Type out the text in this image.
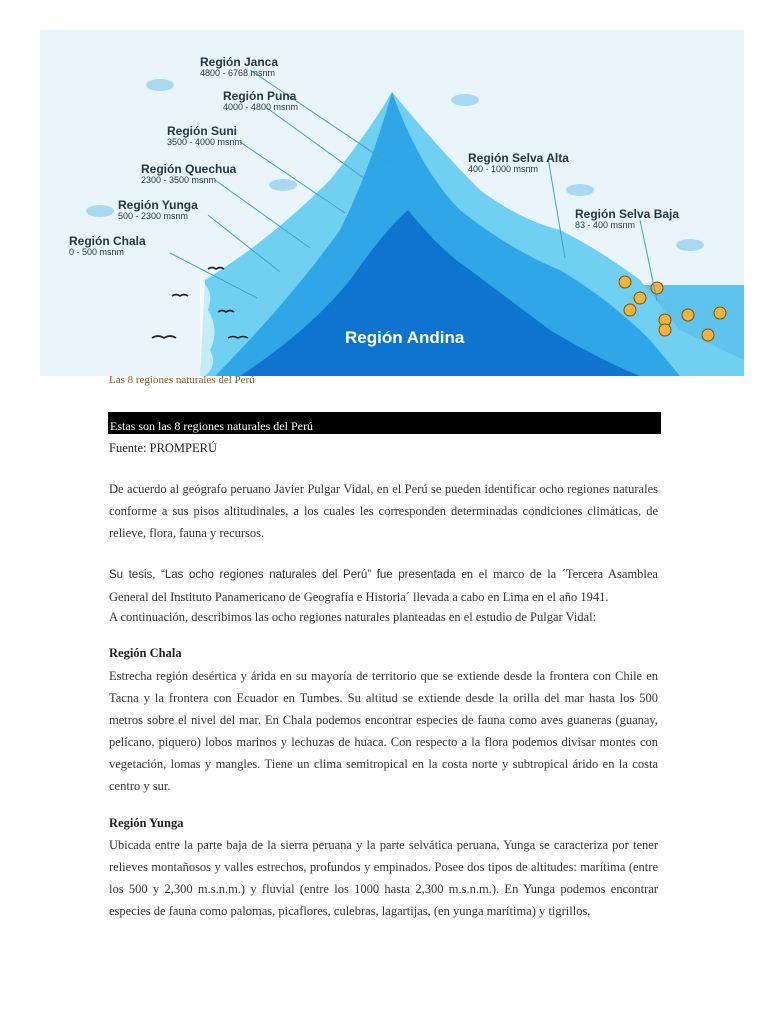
Región Janca
4800 - 6768 msnm
Región Puna
4000 - 4800 msnm
Región Suni
3500 - 4000 msnm
Región Quechua
2300 - 3500 msnm
Región Yunga
500 - 2300 msnm
Región Chala
0 - 500 msnm
Región Selva Alta
400 - 1000 msnm
Región Selva Baja
83 - 400 msnm
Región Andina
Las 8 regiones naturales del Perú
Estas son las 8 regiones naturales del Perú
Fuente: PROMPERÚ
De acuerdo al geógrafo peruano Javier Pulgar Vidal, en el Perú se pueden identificar ocho regiones naturales conforme a sus pisos altitudinales, a los cuales les corresponden determinadas condiciones climáticas, de relieve, flora, fauna y recursos.
Su tesis, “Las ocho regiones naturales del Perú” fue presentada en el marco de la ´Tercera Asamblea General del Instituto Panamericano de Geografía e Historia´ llevada a cabo en Lima en el año 1941.
A continuación, describimos las ocho regiones naturales planteadas en el estudio de Pulgar Vidal:
Región Chala
Estrecha región desértica y árida en su mayoría de territorio que se extiende desde la frontera con Chile en Tacna y la frontera con Ecuador en Tumbes. Su altitud se extiende desde la orilla del mar hasta los 500 metros sobre el nivel del mar. En Chala podemos encontrar especies de fauna como aves guaneras (guanay, pelícano, piquero) lobos marinos y lechuzas de huaca. Con respecto a la flora podemos divisar montes con vegetación, lomas y mangles. Tiene un clima semitropical en la costa norte y subtropical árido en la costa centro y sur.
Región Yunga
Ubicada entre la parte baja de la sierra peruana y la parte selvática peruana, Yunga se caracteriza por tener relieves montañosos y valles estrechos, profundos y empinados. Posee dos tipos de altitudes: marítima (entre los 500 y 2,300 m.s.n.m.) y fluvial (entre los 1000 hasta 2,300 m.s.n.m.). En Yunga podemos encontrar especies de fauna como palomas, picaflores, culebras, lagartijas, (en yunga marítima) y tigrillos,
